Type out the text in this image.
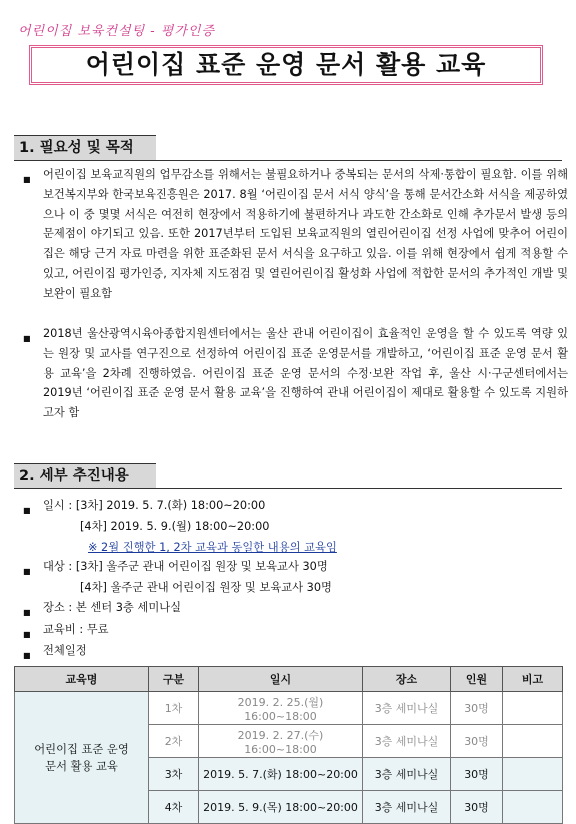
어린이집 보육컨설팅 - 평가인증
어린이집 표준 운영 문서 활용 교육
1. 필요성 및 목적
■ 어린이집 보육교직원의 업무감소를 위해서는 불필요하거나 중복되는 문서의 삭제·통합이 필요함. 이를 위해 보건복지부와 한국보육진흥원은 2017. 8월 ‘어린이집 문서 서식 양식’을 통해 문서간소화 서식을 제공하였으나 이 중 몇몇 서식은 여전히 현장에서 적용하기에 불편하거나 과도한 간소화로 인해 추가문서 발생 등의 문제점이 야기되고 있음. 또한 2017년부터 도입된 보육교직원의 열린어린이집 선정 사업에 맞추어 어린이집은 해당 근거 자료 마련을 위한 표준화된 문서 서식을 요구하고 있음. 이를 위해 현장에서 쉽게 적용할 수 있고, 어린이집 평가인증, 지자체 지도점검 및 열린어린이집 활성화 사업에 적합한 문서의 추가적인 개발 및 보완이 필요함
■ 2018년 울산광역시육아종합지원센터에서는 울산 관내 어린이집이 효율적인 운영을 할 수 있도록 역량 있는 원장 및 교사를 연구진으로 선정하여 어린이집 표준 운영문서를 개발하고, ‘어린이집 표준 운영 문서 활용 교육’을 2차례 진행하였음. 어린이집 표준 운영 문서의 수정·보완 작업 후, 울산 시·구군센터에서는 2019년 ‘어린이집 표준 운영 문서 활용 교육’을 진행하여 관내 어린이집이 제대로 활용할 수 있도록 지원하고자 함
2. 세부 추진내용
■ 일시 : [3차] 2019. 5. 7.(화) 18:00~20:00
[4차] 2019. 5. 9.(월) 18:00~20:00
※ 2월 진행한 1, 2차 교육과 동일한 내용의 교육임
■ 대상 : [3차] 울주군 관내 어린이집 원장 및 보육교사 30명
[4차] 울주군 관내 어린이집 원장 및 보육교사 30명
■ 장소 : 본 센터 3층 세미나실
■ 교육비 : 무료
■ 전체일정
교육명	구분	일시	장소	인원	비고

어린이집 표준 운영
문서 활용 교육	1차	2019. 2. 25.(월) 16:00~18:00	3층 세미나실	30명	
	2차	2019. 2. 27.(수) 16:00~18:00	3층 세미나실	30명	
	3차	2019. 5. 7.(화) 18:00~20:00	3층 세미나실	30명	
	4차	2019. 5. 9.(목) 18:00~20:00	3층 세미나실	30명	
